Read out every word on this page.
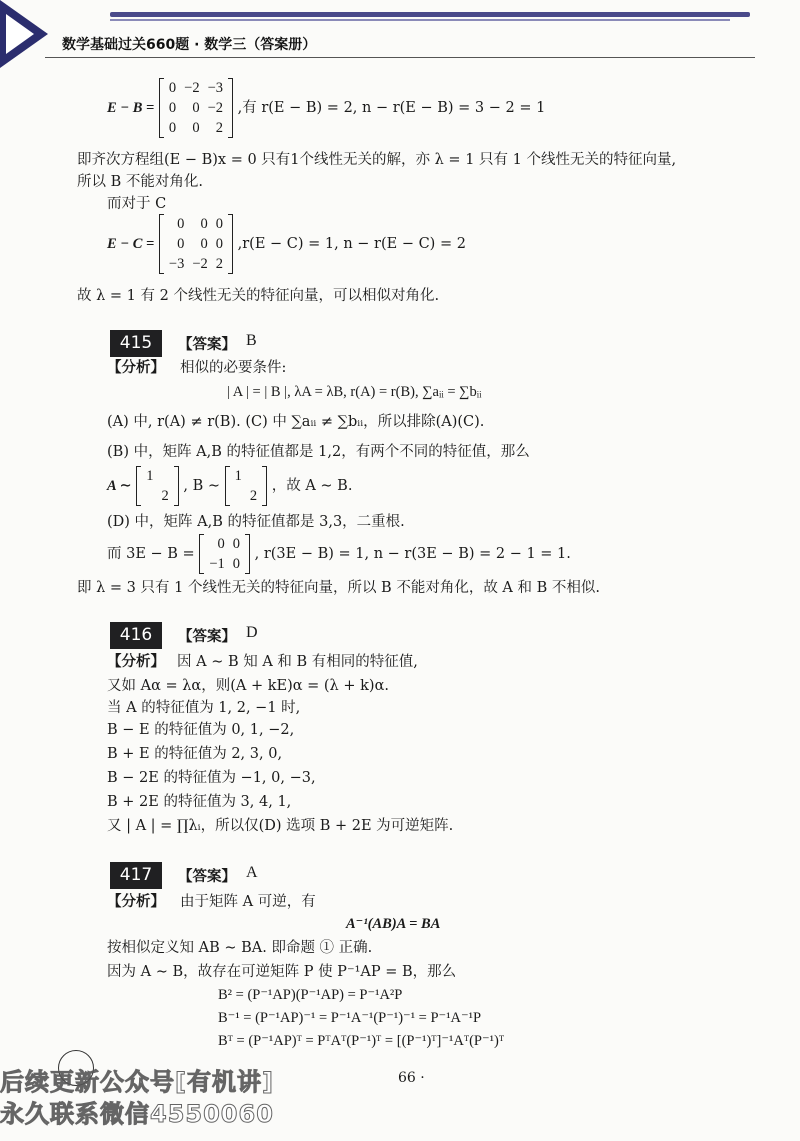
数学基础过关660题 · 数学三（答案册）
E − B =
0	−2	−3
0	0	−2
0	0	2
,有 r(E − B) = 2, n − r(E − B) = 3 − 2 = 1
即齐次方程组(E − B)x = 0 只有1个线性无关的解，亦 λ = 1 只有 1 个线性无关的特征向量,
所以 B 不能对角化.
而对于 C
E − C =
0	0	0
0	0	0
−3	−2	2
,r(E − C) = 1, n − r(E − C) = 2
故 λ = 1 有 2 个线性无关的特征向量，可以相似对角化.
415	【答案】 B
【分析】 相似的必要条件:
| A | = | B |, λA = λB, r(A) = r(B), ∑aᵢᵢ = ∑bᵢᵢ
(A) 中, r(A) ≠ r(B). (C) 中 ∑aᵢᵢ ≠ ∑bᵢᵢ，所以排除(A)(C).
(B) 中，矩阵 A,B 的特征值都是 1,2，有两个不同的特征值，那么
A ∼
1	
	2
, B ∼
1	
	2
，故 A ∼ B.
(D) 中，矩阵 A,B 的特征值都是 3,3，二重根.
而 3E − B =
0	0
−1	0
, r(3E − B) = 1, n − r(3E − B) = 2 − 1 = 1.
即 λ = 3 只有 1 个线性无关的特征向量，所以 B 不能对角化，故 A 和 B 不相似.
416	【答案】 D
【分析】 因 A ∼ B 知 A 和 B 有相同的特征值,
又如 Aα = λα，则(A + kE)α = (λ + k)α.
当 A 的特征值为 1, 2, −1 时,
B − E 的特征值为 0, 1, −2,
B + E 的特征值为 2, 3, 0,
B − 2E 的特征值为 −1, 0, −3,
B + 2E 的特征值为 3, 4, 1,
又 | A | = ∏λᵢ，所以仅(D) 选项 B + 2E 为可逆矩阵.
417	【答案】 A
【分析】 由于矩阵 A 可逆，有
A⁻¹(AB)A = BA
按相似定义知 AB ∼ BA. 即命题 ① 正确.
因为 A ∼ B，故存在可逆矩阵 P 使 P⁻¹AP = B，那么
B² = (P⁻¹AP)(P⁻¹AP) = P⁻¹A²P
B⁻¹ = (P⁻¹AP)⁻¹ = P⁻¹A⁻¹(P⁻¹)⁻¹ = P⁻¹A⁻¹P
Bᵀ = (P⁻¹AP)ᵀ = PᵀAᵀ(P⁻¹)ᵀ = [(P⁻¹)ᵀ]⁻¹Aᵀ(P⁻¹)ᵀ
66 ·
后续更新公众号[有机讲]
永久联系微信4550060
